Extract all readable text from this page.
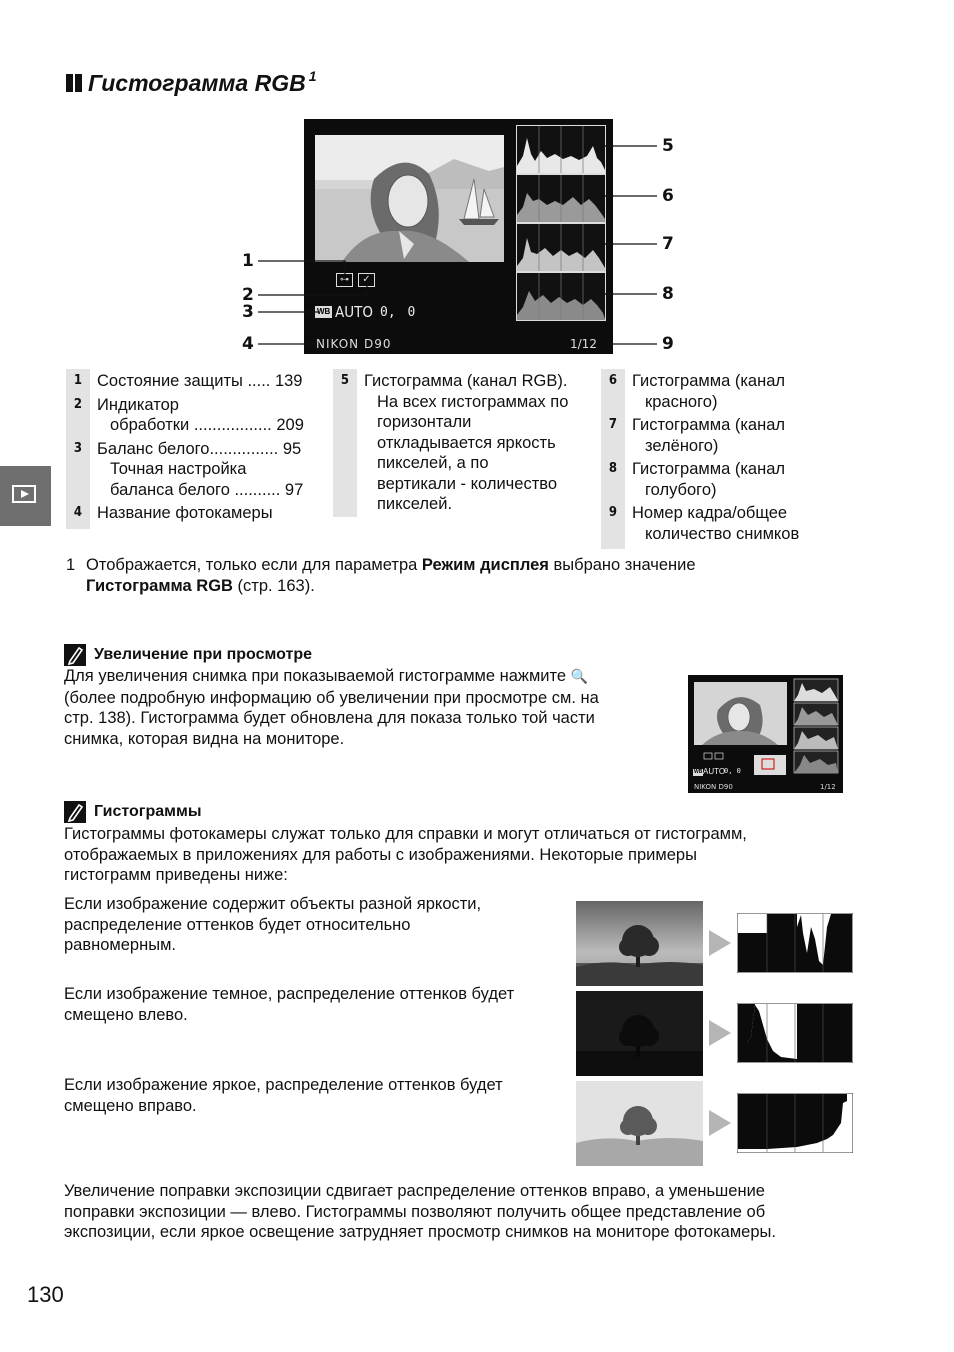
Гистограмма RGB $^1$
⊶	✓
WB AUTO 0, 0
NIKON D90	1/12
1
2
3
4
5
6
7
8
9
1 Состояние защиты ..... 139
2 Индикатор
обработки ................. 209
3 Баланс белого............... 95
Точная настройка
баланса белого .......... 97
4 Название фотокамеры
5 Гистограмма (канал RGB).
На всех гистограммах по
горизонтали
откладывается яркость
пикселей, а по
вертикали - количество
пикселей.
6 Гистограмма (канал
красного)
7 Гистограмма (канал
зелёного)
8 Гистограмма (канал
голубого)
9 Номер кадра/общее
количество снимков
1 Отображается, только если для параметра Режим дисплея выбрано значение
Гистограмма RGB (стр. 163).
Увеличение при просмотре
Для увеличения снимка при показываемой гистограмме нажмите 🔍
(более подробную информацию об увеличении при просмотре см. на
стр. 138). Гистограмма будет обновлена для показа только той части
снимка, которая видна на мониторе.
WB AUTO
0, 0
NIKON D90	1/12
Гистограммы
Гистограммы фотокамеры служат только для справки и могут отличаться от гистограмм,
отображаемых в приложениях для работы с изображениями. Некоторые примеры
гистограмм приведены ниже:
Если изображение содержит объекты разной яркости,
распределение оттенков будет относительно
равномерным.
Если изображение темное, распределение оттенков будет
смещено влево.
Если изображение яркое, распределение оттенков будет
смещено вправо.
Увеличение поправки экспозиции сдвигает распределение оттенков вправо, а уменьшение
поправки экспозиции — влево. Гистограммы позволяют получить общее представление об
экспозиции, если яркое освещение затрудняет просмотр снимков на мониторе фотокамеры.
130
